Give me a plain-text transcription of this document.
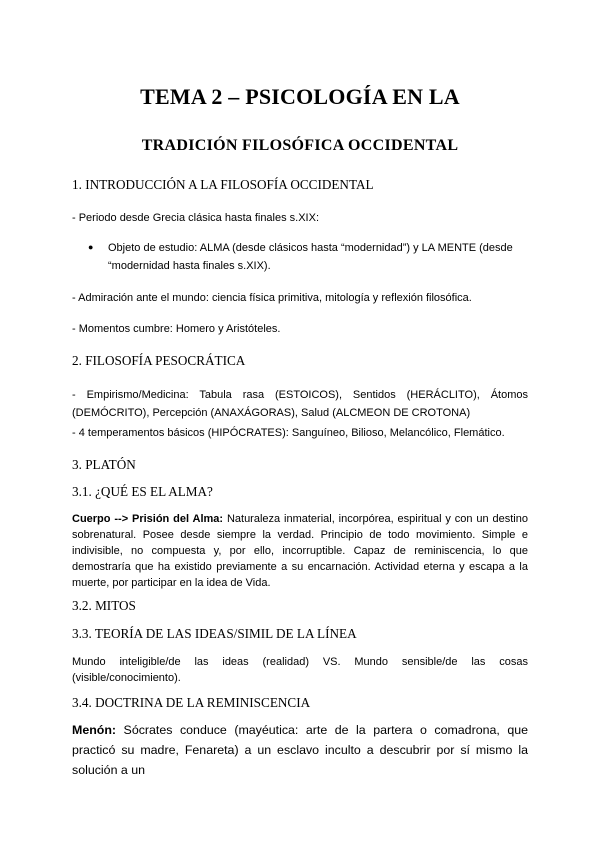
TEMA 2 – PSICOLOGÍA EN LA
TRADICIÓN FILOSÓFICA OCCIDENTAL
1. INTRODUCCIÓN A LA FILOSOFÍA OCCIDENTAL
- Periodo desde Grecia clásica hasta finales s.XIX:
● Objeto de estudio: ALMA (desde clásicos hasta “modernidad”) y LA MENTE (desde “modernidad hasta finales s.XIX).
- Admiración ante el mundo: ciencia física primitiva, mitología y reflexión filosófica.
- Momentos cumbre: Homero y Aristóteles.
2. FILOSOFÍA PESOCRÁTICA
- Empirismo/Medicina: Tabula rasa (ESTOICOS), Sentidos (HERÁCLITO), Átomos (DEMÓCRITO), Percepción (ANAXÁGORAS), Salud (ALCMEON DE CROTONA)
- 4 temperamentos básicos (HIPÓCRATES): Sanguíneo, Bilioso, Melancólico, Flemático.
3. PLATÓN
3.1. ¿QUÉ ES EL ALMA?
Cuerpo --> Prisión del Alma: Naturaleza inmaterial, incorpórea, espiritual y con un destino sobrenatural. Posee desde siempre la verdad. Principio de todo movimiento. Simple e indivisible, no compuesta y, por ello, incorruptible. Capaz de reminiscencia, lo que demostraría que ha existido previamente a su encarnación. Actividad eterna y escapa a la muerte, por participar en la idea de Vida.
3.2. MITOS
3.3. TEORÍA DE LAS IDEAS/SIMIL DE LA LÍNEA
Mundo inteligible/de las ideas (realidad) VS. Mundo sensible/de las cosas (visible/conocimiento).
3.4. DOCTRINA DE LA REMINISCENCIA
Menón: Sócrates conduce (mayéutica: arte de la partera o comadrona, que practicó su madre, Fenareta) a un esclavo inculto a descubrir por sí mismo la solución a un
